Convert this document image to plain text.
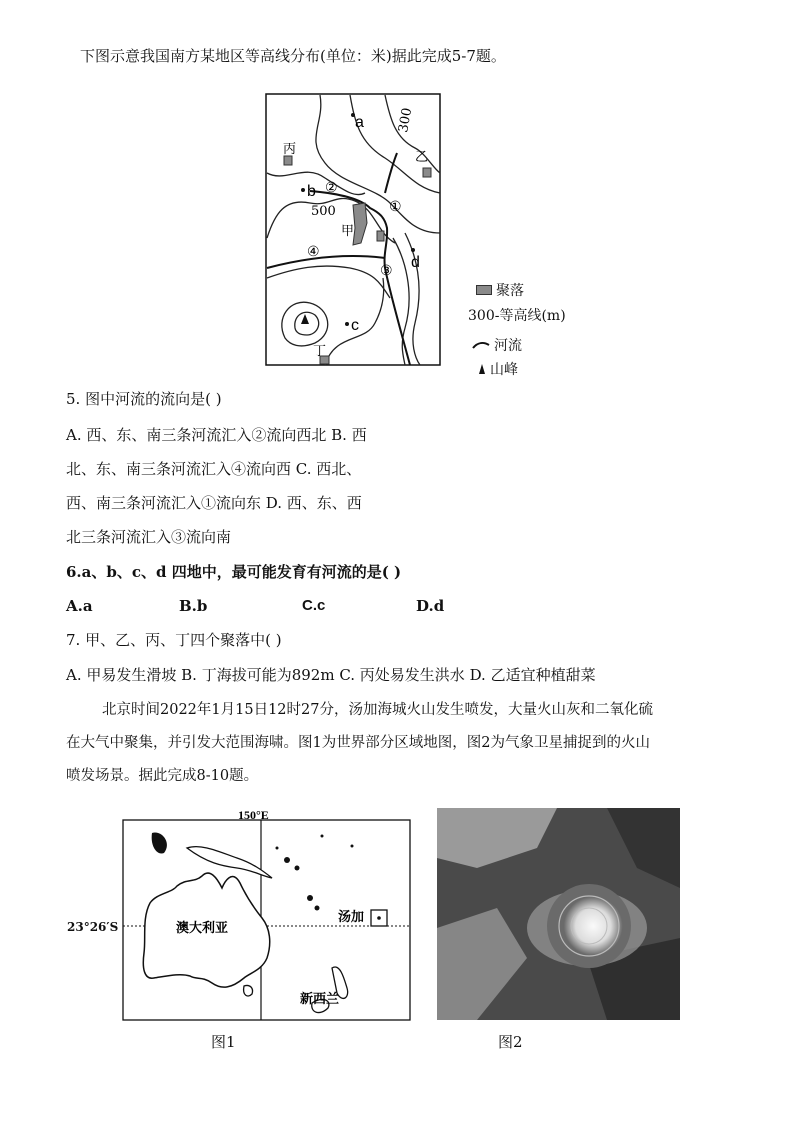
下图示意我国南方某地区等高线分布(单位：米)据此完成5-7题。
a
b
c
d
丙
乙
甲
丁
500
300
①
②
③
④
聚落
300-等高线(m)
河流
山峰
5. 图中河流的流向是( )
A. 西、东、南三条河流汇入②流向西北 B. 西
北、东、南三条河流汇入④流向西 C. 西北、
西、南三条河流汇入①流向东 D. 西、东、西
北三条河流汇入③流向南
6.a、b、c、d 四地中，最可能发育有河流的是( )
A.a	B.b	C.c	D.d
7. 甲、乙、丙、丁四个聚落中( )
A. 甲易发生滑坡 B. 丁海拔可能为892m C. 丙处易发生洪水 D. 乙适宜种植甜菜
北京时间2022年1月15日12时27分，汤加海城火山发生喷发，大量火山灰和二氧化硫
在大气中聚集，并引发大范围海啸。图1为世界部分区域地图，图2为气象卫星捕捉到的火山
喷发场景。据此完成8-10题。
150°E
澳大利亚
汤加
新西兰
23°26′S
图1	图2
